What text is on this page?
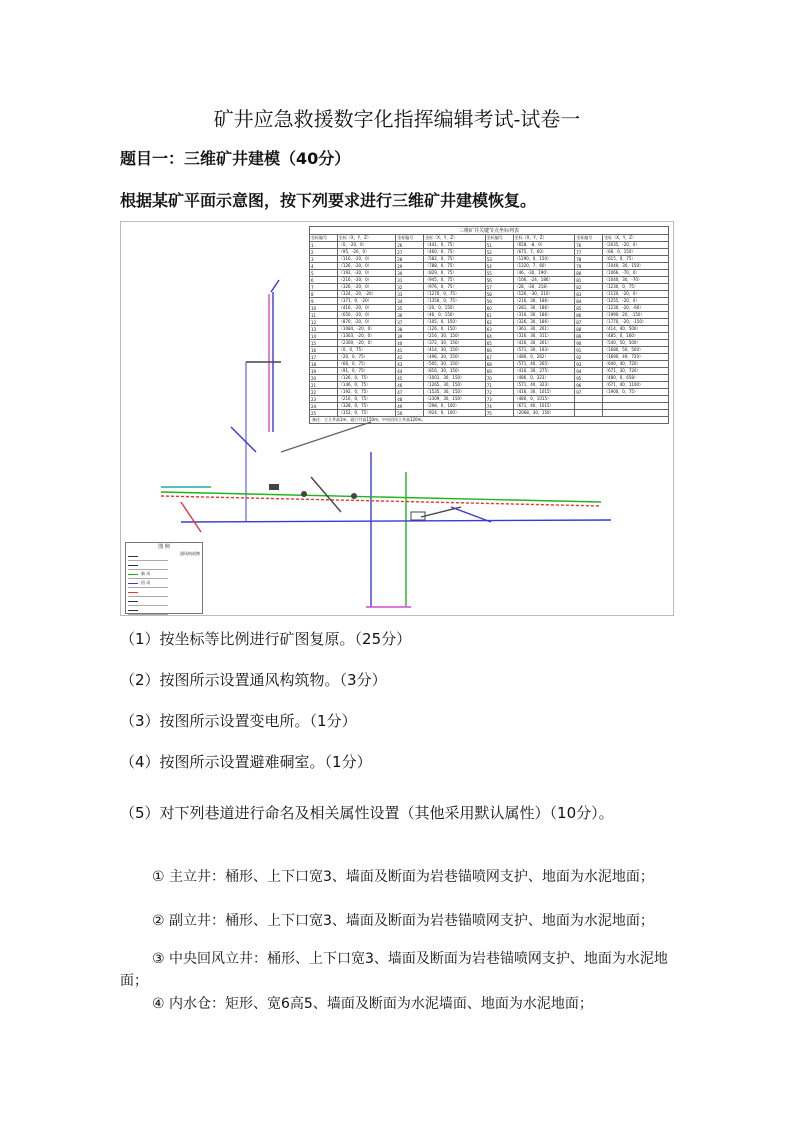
矿井应急救援数字化指挥编辑考试-试卷一
题目一：三维矿井建模（40分）
根据某矿平面示意图，按下列要求进行三维矿井建模恢复。
三维矿井关键节点坐标列表
坐标编号	坐标（X，Y，Z）	坐标编号	坐标（X，Y，Z）	坐标编号	坐标（X，Y，Z）	坐标编号	坐标（X，Y，Z）
1	（0，-20，0）	26	（441，0，75）	51	（658，-8，0）	76	（2035，-20，0）
2	（95，-20，0）	27	（460，0，75）	52	（675，7，60）	77	（66，0，150）
3	（116，-20，0）	28	（582，0，75）	53	（1290，0，150）	78	（615，0，75）
4	（126，-20，0）	29	（788，0，75）	54	（1320，7，60）	79	（1040，30，150）
5	（192，-20，0）	30	（829，0，75）	55	（46，-30，190）	80	（1066，-70，0）
6	（216，-20，0）	31	（945，0，75）	56	（106，-24，186）	81	（1040，30，-70）
7	（326，-20，0）	32	（976，0，75）	57	（28，-30，218）	82	（1230，0，75）
8	（324，-20，-20）	33	（1270，0，75）	58	（126，-30，210）	83	（1120，-20，0）
9	（371，0，-20）	34	（1350，0，75）	59	（216，30，186）	84	（1255，-20，0）
10	（416，-20，0）	35	（20，0，150）	60	（281，30，186）	85	（1230，-20，-60）
11	（650，-20，0）	36	（46，0，150）	61	（316，30，186）	86	（1990，20，-150）
12	（870，-20，0）	37	（105，0，150）	62	（326，30，186）	87	（1770，-20，-150）
13	（1084，-20，0）	38	（126，0，150）	63	（361，30，261）	88	（414，40，500）
14	（1303，-20，0）	39	（216，30，150）	64	（316，30，311）	89	（485，0，160）
15	（2300，-20，0）	40	（372，30，150）	65	（416，30，261）	90	（540，50，500）
16	（0，0，75）	41	（414，30，150）	66	（571，30，193）	91	（1680，50，500）
17	（20，0，75）	42	（496，30，150）	67	（486，0，262）	92	（1690，49，720）
18	（66，0，75）	43	（505，30，150）	68	（571，40，265）	93	（640，40，720）
19	（91，0，75）	44	（816，30，150）	69	（416，30，275）	94	（671，30，720）
20	（126，0，75）	45	（1001，30，150）	70	（486，0，323）	95	（480，0，658）
21	（146，0，75）	46	（1265，30，150）	71	（571，40，323）	96	（671，40，1100）
22	（192，0，75）	47	（1535，30，150）	72	（416，30，1015）	97	（1900，0，75）
23	（216，0，75）	48	（2309，30，150）	73	（480，0，1015）		
24	（328，0，75）	49	（298，0，100）	74	（671，40，1015）		
25	（352，0，75）	50	（924，0，100）	75	（2068，30，150）		
备注：主立井高1m，副立井高150m，中央回风立井高120m。
图 例
通风构筑物
新 风
回 风
（1）按坐标等比例进行矿图复原。（25分）
（2）按图所示设置通风构筑物。（3分）
（3）按图所示设置变电所。（1分）
（4）按图所示设置避难硐室。（1分）
（5）对下列巷道进行命名及相关属性设置（其他采用默认属性）（10分）。
① 主立井：桶形、上下口宽3、墙面及断面为岩巷锚喷网支护、地面为水泥地面；
② 副立井：桶形、上下口宽3、墙面及断面为岩巷锚喷网支护、地面为水泥地面；
③ 中央回风立井：桶形、上下口宽3、墙面及断面为岩巷锚喷网支护、地面为水泥地面；
④ 内水仓：矩形、宽6高5、墙面及断面为水泥墙面、地面为水泥地面；
